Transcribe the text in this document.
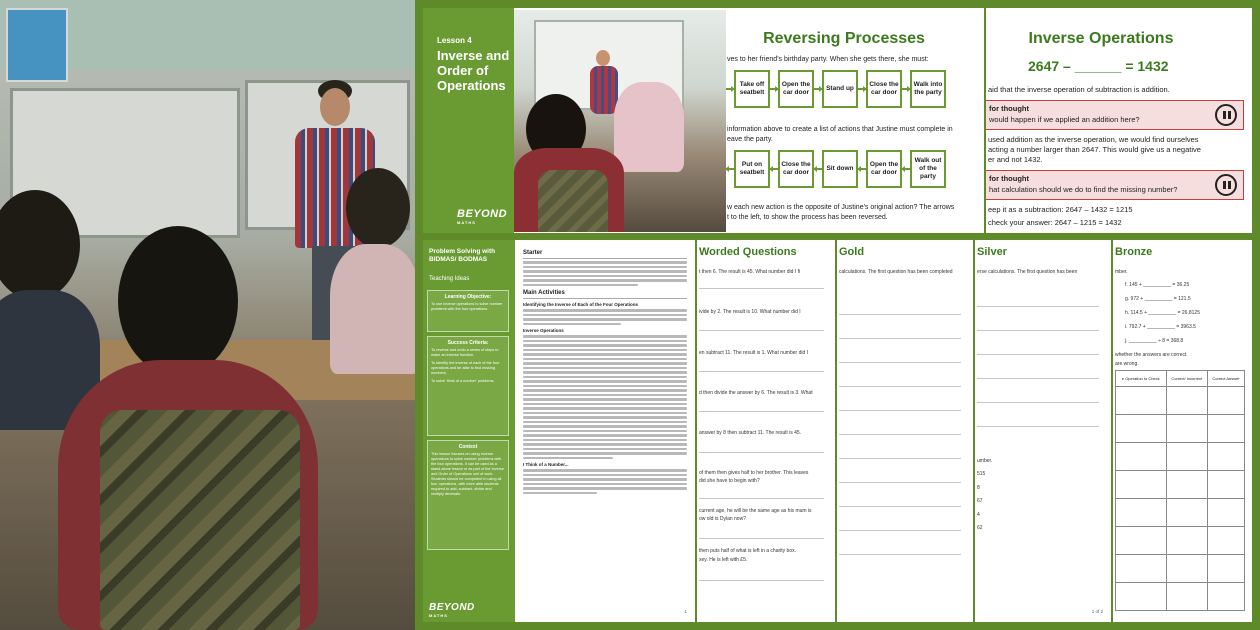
Lesson 4
Inverse and Order of Operations
BEYOND
MATHS
Reversing Processes
ves to her friend's birthday party. When she gets there, she must:
Take off seatbelt
Open the car door
Stand up
Close the car door
Walk into the party
information above to create a list of actions that Justine must complete in
eave the party.
Put on seatbelt
Close the car door
Sit down
Open the car door
Walk out of the party
w each new action is the opposite of Justine's original action? The arrows
t to the left, to show the process has been reversed.
Inverse Operations
2647 – ______ = 1432
aid that the inverse operation of subtraction is addition.
for thought
would happen if we applied an addition here?
used addition as the inverse operation, we would find ourselves
acting a number larger than 2647. This would give us a negative
er and not 1432.
for thought
hat calculation should we do to find the missing number?
eep it as a subtraction: 2647 – 1432 = 1215
check your answer: 2647 – 1215 = 1432
Problem Solving with BIDMAS/ BODMAS
Teaching Ideas
Learning Objective:
To use inverse operations to solve number problems with the four operations.
Success Criteria:
To reverse and undo a series of steps to make an inverse function.
To identify the inverse of each of the four operations and be able to find missing numbers.
To solve 'think of a number' problems.
Context
This lesson focuses on using inverse operations to solve number problems with the four operations. It can be used as a stand-alone lesson or as part of the Inverse and Order of Operations unit of work. Students should be competent in using all four operations, with more able students required to add, subtract, divide and multiply decimals.
BEYOND
MATHS
Starter
Main Activities
Identifying the Inverse of Each of the Four Operations
Inverse Operations
I Think of a Number...
1
Worded Questions
t then 6. The result is 45. What number did I fi
ivide by 2. The result is 10. What number did I
en subtract 11. The result is 1. What number did I
d then divide the answer by 6. The result is 3. What
answer by 8 then subtract 11. The result is 45.
of them then gives half to her brother. This leaves
did she have to begin with?
current age, he will be the same age as his mum is
ow old is Dylan now?
then puts half of what is left in a charity box.
xey. He is left with £5.
Gold
calculations. The first question has been completed
Silver
erse calculations. The first question has been
umber.
515
8
67
4
62
1 of 2
Bronze
mber.
f. 145 + __________ = 36.25
g. 972 + __________ = 121.5
h. 114.5 + __________ = 26.8125
i. 792.7 + __________ = 3963.5
j. __________ ÷ 8 = 368.8
whether the answers are correct.
are wrong.
e Operation to Check	Correct/ Incorrect	Correct Answer
